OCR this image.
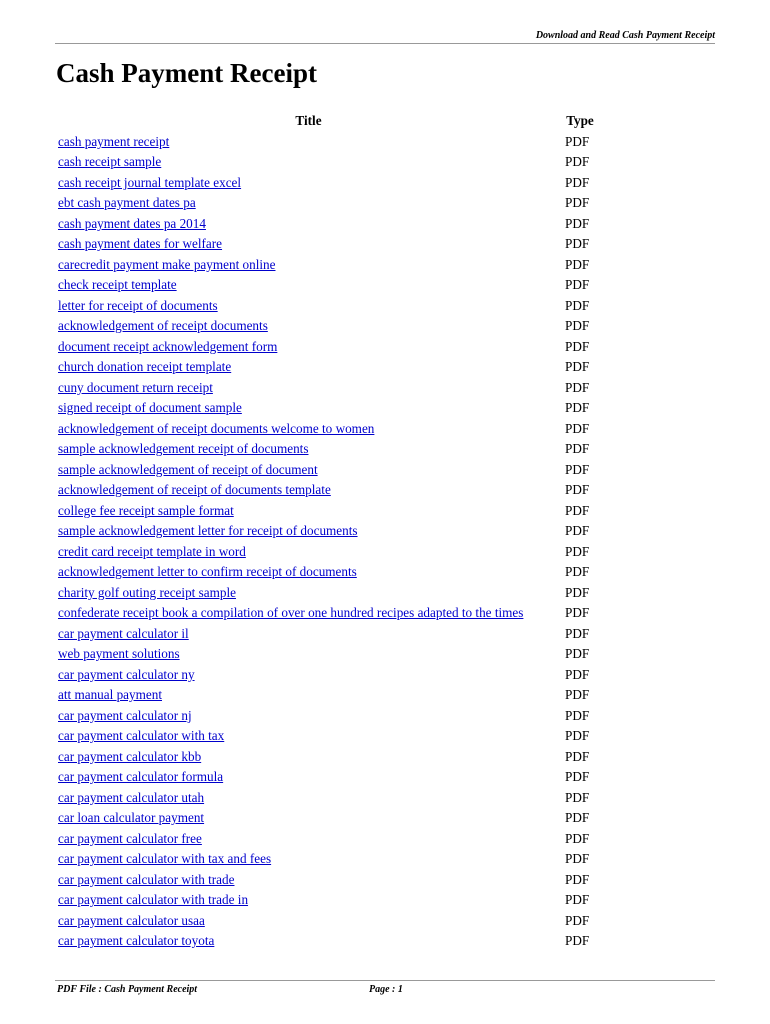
Download and Read Cash Payment Receipt
Cash Payment Receipt
Title	Type
cash payment receipt	PDF
cash receipt sample	PDF
cash receipt journal template excel	PDF
ebt cash payment dates pa	PDF
cash payment dates pa 2014	PDF
cash payment dates for welfare	PDF
carecredit payment make payment online	PDF
check receipt template	PDF
letter for receipt of documents	PDF
acknowledgement of receipt documents	PDF
document receipt acknowledgement form	PDF
church donation receipt template	PDF
cuny document return receipt	PDF
signed receipt of document sample	PDF
acknowledgement of receipt documents welcome to women	PDF
sample acknowledgement receipt of documents	PDF
sample acknowledgement of receipt of document	PDF
acknowledgement of receipt of documents template	PDF
college fee receipt sample format	PDF
sample acknowledgement letter for receipt of documents	PDF
credit card receipt template in word	PDF
acknowledgement letter to confirm receipt of documents	PDF
charity golf outing receipt sample	PDF
confederate receipt book a compilation of over one hundred recipes adapted to the times	PDF
car payment calculator il	PDF
web payment solutions	PDF
car payment calculator ny	PDF
att manual payment	PDF
car payment calculator nj	PDF
car payment calculator with tax	PDF
car payment calculator kbb	PDF
car payment calculator formula	PDF
car payment calculator utah	PDF
car loan calculator payment	PDF
car payment calculator free	PDF
car payment calculator with tax and fees	PDF
car payment calculator with trade	PDF
car payment calculator with trade in	PDF
car payment calculator usaa	PDF
car payment calculator toyota	PDF
PDF File : Cash Payment Receipt	Page : 1
